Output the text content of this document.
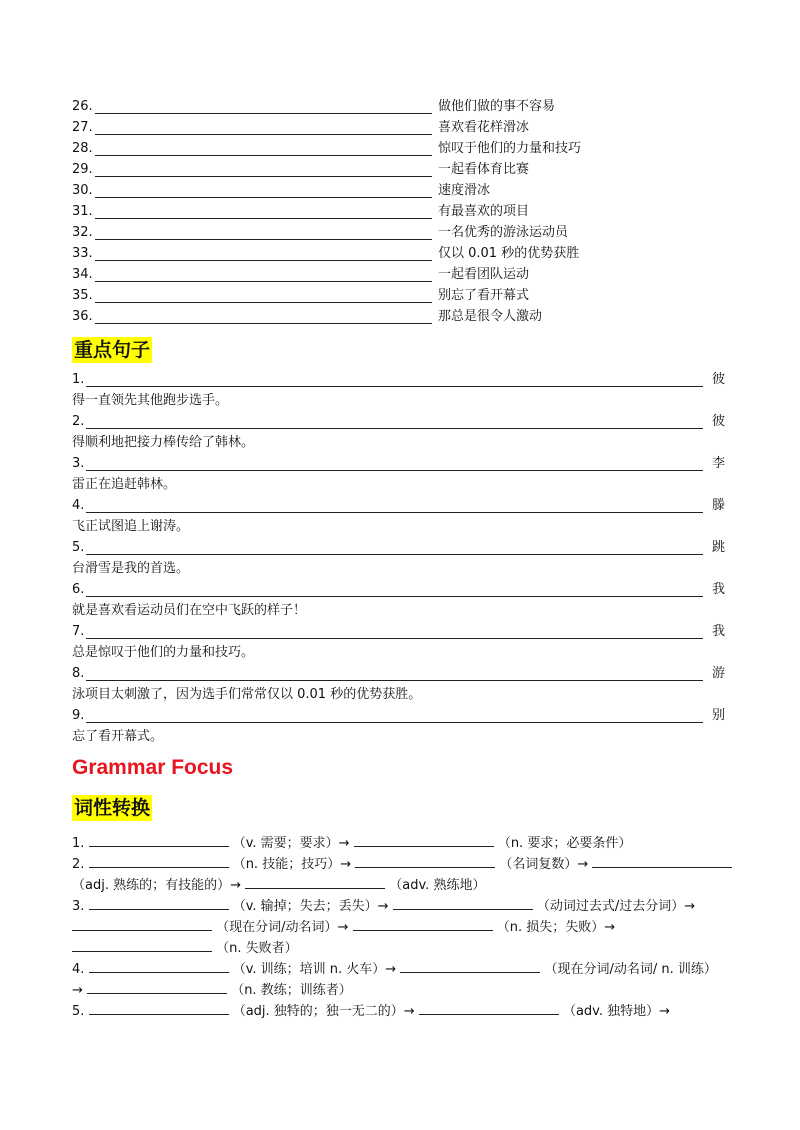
26.	做他们做的事不容易
27.	喜欢看花样滑冰
28.	惊叹于他们的力量和技巧
29.	一起看体育比赛
30.	速度滑冰
31.	有最喜欢的项目
32.	一名优秀的游泳运动员
33.	仅以 0.01 秒的优势获胜
34.	一起看团队运动
35.	别忘了看开幕式
36.	那总是很令人激动
重点句子
1.	彼
得一直领先其他跑步选手。
2.	彼
得顺利地把接力棒传给了韩林。
3.	李
雷正在追赶韩林。
4.	滕
飞正试图追上谢涛。
5.	跳
台滑雪是我的首选。
6.	我
就是喜欢看运动员们在空中飞跃的样子！
7.	我
总是惊叹于他们的力量和技巧。
8.	游
泳项目太刺激了，因为选手们常常仅以 0.01 秒的优势获胜。
9.	别
忘了看开幕式。
Grammar Focus
词性转换
1.	（v. 需要；要求）→	（n. 要求；必要条件）
2.	（n. 技能；技巧）→	（名词复数）→
（adj. 熟练的；有技能的）→	（adv. 熟练地）
3.	（v. 输掉；失去；丢失）→	（动词过去式/过去分词）→
（现在分词/动名词）→	（n. 损失；失败）→
（n. 失败者）
4.	（v. 训练；培训 n. 火车）→	（现在分词/动名词/ n. 训练）
→	（n. 教练；训练者）
5.	（adj. 独特的；独一无二的）→	（adv. 独特地）→
